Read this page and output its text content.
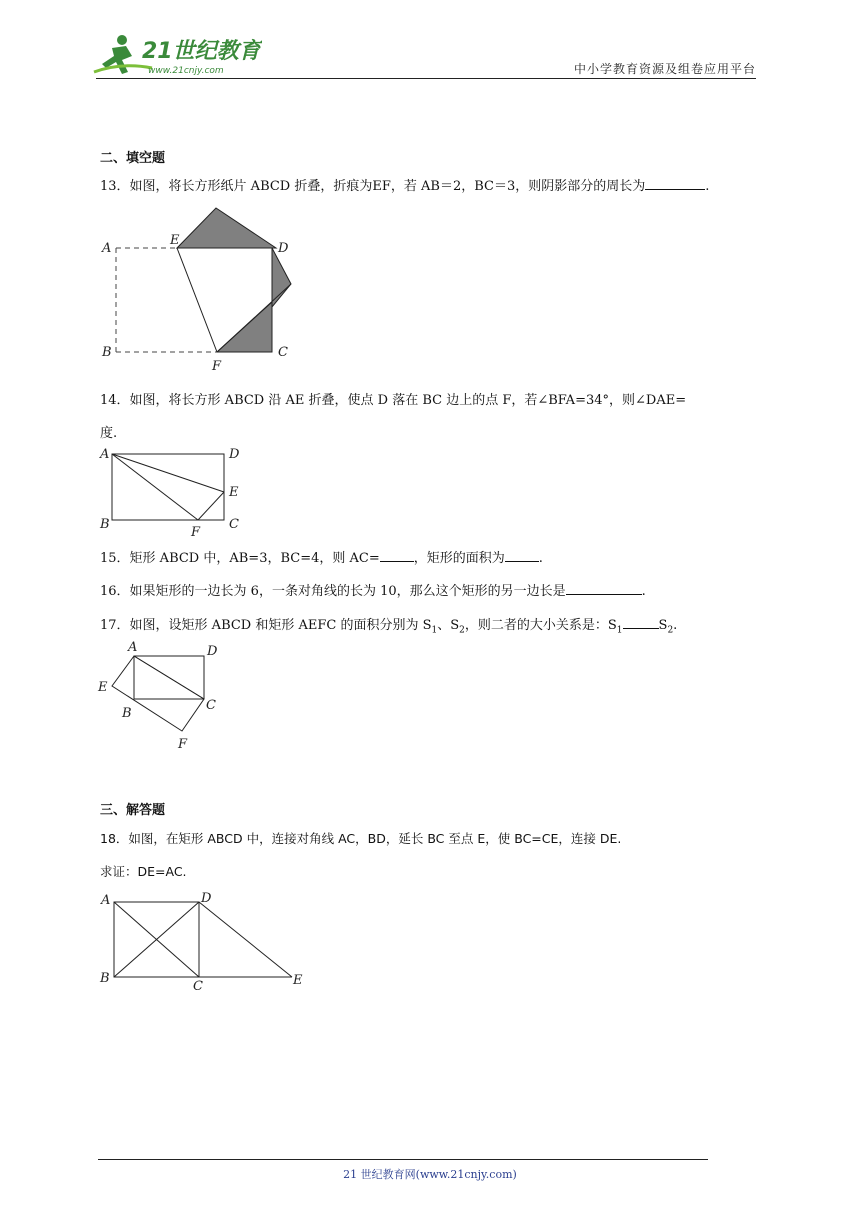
21世纪教育
www.21cnjy.com	中小学教育资源及组卷应用平台
二、填空题
13．如图，将长方形纸片 ABCD 折叠，折痕为EF，若 AB＝2，BC＝3，则阴影部分的周长为	.
A
E
D
B
F
C
14．如图，将长方形 ABCD 沿 AE 折叠，使点 D 落在 BC 边上的点 F，若∠BFA=34°，则∠DAE=
度.
A	D
E
B
F
C
15．矩形 ABCD 中，AB=3，BC=4，则 AC=	，矩形的面积为	.
16．如果矩形的一边长为 6，一条对角线的长为 10，那么这个矩形的另一边长是	.
17．如图，设矩形 ABCD 和矩形 AEFC 的面积分别为 $S_1$、$S_2$，则二者的大小关系是：$S_1$	$S_2$.
A	D
E
B
C
F
三、解答题
18．如图，在矩形 ABCD 中，连接对角线 AC，BD，延长 BC 至点 E，使 BC=CE，连接 DE.
求证：DE=AC.
A	D
B
C	E
21 世纪教育网(www.21cnjy.com)
